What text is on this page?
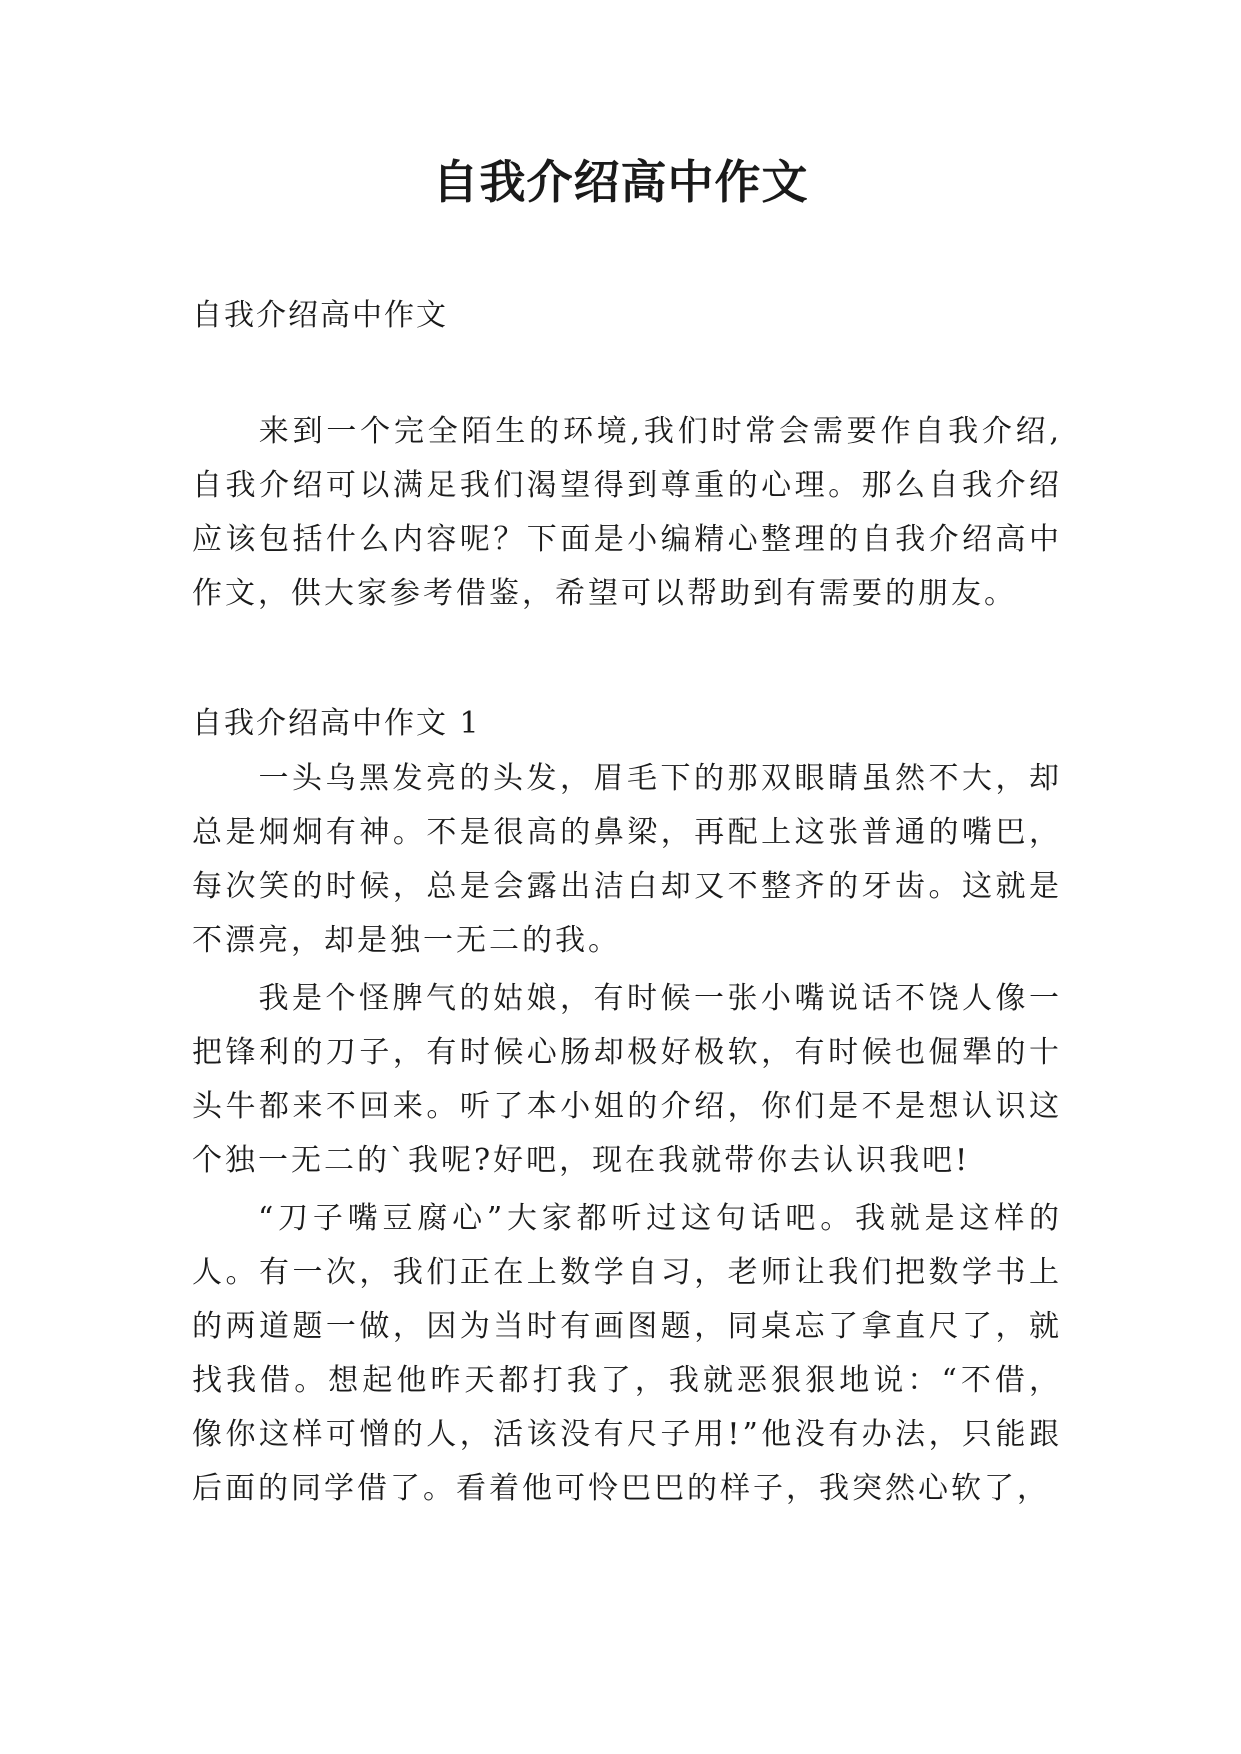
自我介绍高中作文

自我介绍高中作文

来到一个完全陌生的环境,我们时常会需要作自我介绍,自我介绍可以满足我们渴望得到尊重的心理。那么自我介绍应该包括什么内容呢？下面是小编精心整理的自我介绍高中作文，供大家参考借鉴，希望可以帮助到有需要的朋友。

自我介绍高中作文 1

一头乌黑发亮的头发，眉毛下的那双眼睛虽然不大，却总是炯炯有神。不是很高的鼻梁，再配上这张普通的嘴巴，每次笑的时候，总是会露出洁白却又不整齐的牙齿。这就是不漂亮，却是独一无二的我。

我是个怪脾气的姑娘，有时候一张小嘴说话不饶人像一把锋利的刀子，有时候心肠却极好极软，有时候也倔犟的十头牛都来不回来。听了本小姐的介绍，你们是不是想认识这个独一无二的`我呢?好吧，现在我就带你去认识我吧!

“刀子嘴豆腐心”大家都听过这句话吧。我就是这样的人。有一次，我们正在上数学自习，老师让我们把数学书上的两道题一做，因为当时有画图题，同桌忘了拿直尺了，就找我借。想起他昨天都打我了，我就恶狠狠地说：“不借，像你这样可憎的人，活该没有尺子用!”他没有办法，只能跟后面的同学借了。看着他可怜巴巴的样子，我突然心软了，
